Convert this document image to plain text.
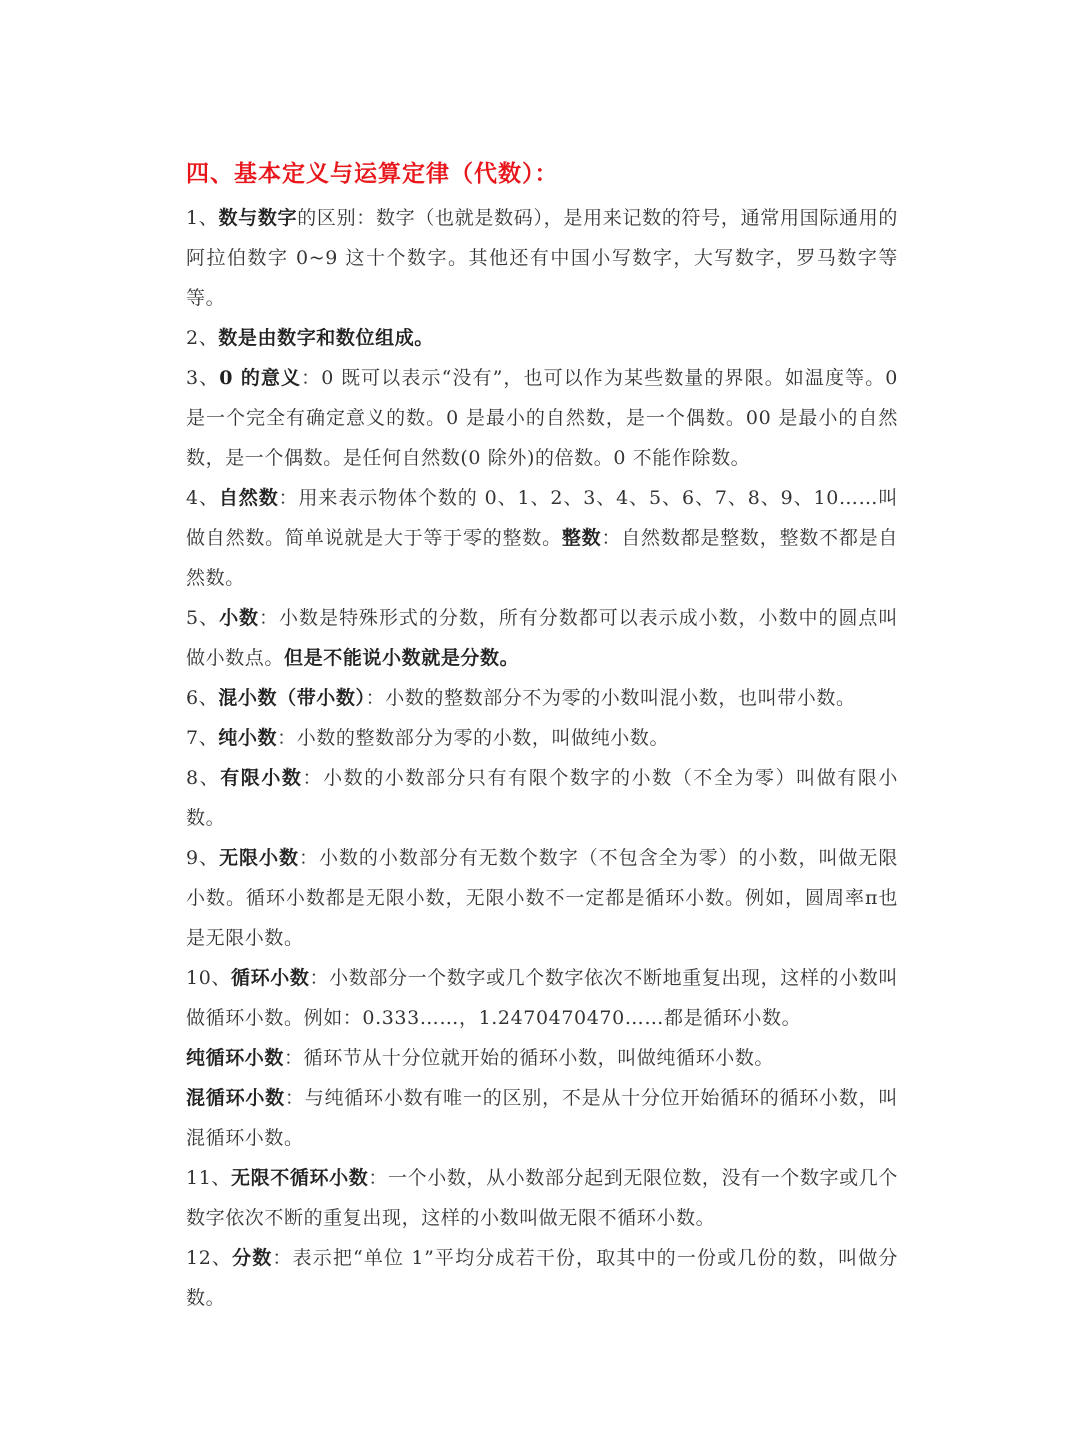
四、基本定义与运算定律（代数）：

1、数与数字的区别：数字（也就是数码），是用来记数的符号，通常用国际通用的阿拉伯数字 0~9 这十个数字。其他还有中国小写数字，大写数字，罗马数字等等。

2、数是由数字和数位组成。

3、0 的意义：0 既可以表示“没有”，也可以作为某些数量的界限。如温度等。0 是一个完全有确定意义的数。0 是最小的自然数，是一个偶数。00 是最小的自然数，是一个偶数。是任何自然数(0 除外)的倍数。0 不能作除数。

4、自然数：用来表示物体个数的 0、1、2、3、4、5、6、7、8、9、10……叫做自然数。简单说就是大于等于零的整数。整数：自然数都是整数，整数不都是自然数。

5、小数：小数是特殊形式的分数，所有分数都可以表示成小数，小数中的圆点叫做小数点。但是不能说小数就是分数。

6、混小数（带小数）：小数的整数部分不为零的小数叫混小数，也叫带小数。

7、纯小数：小数的整数部分为零的小数，叫做纯小数。

8、有限小数：小数的小数部分只有有限个数字的小数（不全为零）叫做有限小数。

9、无限小数：小数的小数部分有无数个数字（不包含全为零）的小数，叫做无限小数。循环小数都是无限小数，无限小数不一定都是循环小数。例如，圆周率π也是无限小数。

10、循环小数：小数部分一个数字或几个数字依次不断地重复出现，这样的小数叫做循环小数。例如：0.333……，1.2470470470……都是循环小数。

纯循环小数：循环节从十分位就开始的循环小数，叫做纯循环小数。

混循环小数：与纯循环小数有唯一的区别，不是从十分位开始循环的循环小数，叫混循环小数。

11、无限不循环小数：一个小数，从小数部分起到无限位数，没有一个数字或几个数字依次不断的重复出现，这样的小数叫做无限不循环小数。

12、分数：表示把“单位 1”平均分成若干份，取其中的一份或几份的数，叫做分数。
